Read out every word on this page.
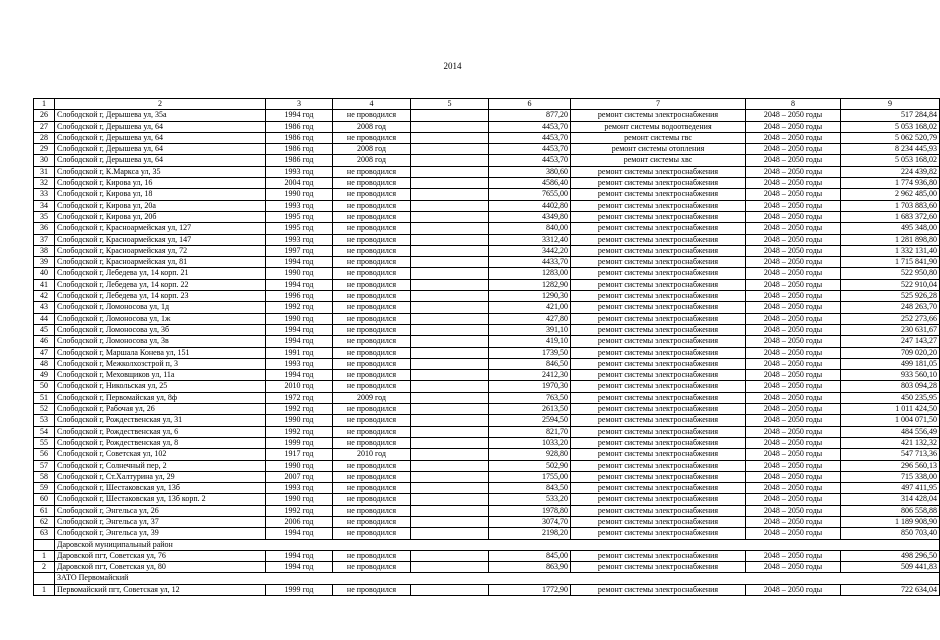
2014
1	2	3	4	5	6	7	8	9
26	Слободской г, Дерышева ул, 35а	1994 год	не проводился		877,20	ремонт системы электроснабжения	2048 – 2050 годы	517 284,84
27	Слободской г, Дерышева ул, 64	1986 год	2008 год		4453,70	ремонт системы водоотведения	2048 – 2050 годы	5 053 168,02
28	Слободской г, Дерышева ул, 64	1986 год	не проводился		4453,70	ремонт системы гвс	2048 – 2050 годы	5 062 520,79
29	Слободской г, Дерышева ул, 64	1986 год	2008 год		4453,70	ремонт системы отопления	2048 – 2050 годы	8 234 445,93
30	Слободской г, Дерышева ул, 64	1986 год	2008 год		4453,70	ремонт системы хвс	2048 – 2050 годы	5 053 168,02
31	Слободской г, К.Маркса ул, 35	1993 год	не проводился		380,60	ремонт системы электроснабжения	2048 – 2050 годы	224 439,82
32	Слободской г, Кирова ул, 16	2004 год	не проводился		4586,40	ремонт системы электроснабжения	2048 – 2050 годы	1 774 936,80
33	Слободской г, Кирова ул, 18	1990 год	не проводился		7655,00	ремонт системы электроснабжения	2048 – 2050 годы	2 962 485,00
34	Слободской г, Кирова ул, 20а	1993 год	не проводился		4402,80	ремонт системы электроснабжения	2048 – 2050 годы	1 703 883,60
35	Слободской г, Кирова ул, 20б	1995 год	не проводился		4349,80	ремонт системы электроснабжения	2048 – 2050 годы	1 683 372,60
36	Слободской г, Красноармейская ул, 127	1995 год	не проводился		840,00	ремонт системы электроснабжения	2048 – 2050 годы	495 348,00
37	Слободской г, Красноармейская ул, 147	1993 год	не проводился		3312,40	ремонт системы электроснабжения	2048 – 2050 годы	1 281 898,80
38	Слободской г, Красноармейская ул, 72	1997 год	не проводился		3442,20	ремонт системы электроснабжения	2048 – 2050 годы	1 332 131,40
39	Слободской г, Красноармейская ул, 81	1994 год	не проводился		4433,70	ремонт системы электроснабжения	2048 – 2050 годы	1 715 841,90
40	Слободской г, Лебедева ул, 14 корп. 21	1990 год	не проводился		1283,00	ремонт системы электроснабжения	2048 – 2050 годы	522 950,80
41	Слободской г, Лебедева ул, 14 корп. 22	1994 год	не проводился		1282,90	ремонт системы электроснабжения	2048 – 2050 годы	522 910,04
42	Слободской г, Лебедева ул, 14 корп. 23	1996 год	не проводился		1290,30	ремонт системы электроснабжения	2048 – 2050 годы	525 926,28
43	Слободской г, Ломоносова ул, 1д	1992 год	не проводился		421,00	ремонт системы электроснабжения	2048 – 2050 годы	248 263,70
44	Слободской г, Ломоносова ул, 1ж	1990 год	не проводился		427,80	ремонт системы электроснабжения	2048 – 2050 годы	252 273,66
45	Слободской г, Ломоносова ул, 3б	1994 год	не проводился		391,10	ремонт системы электроснабжения	2048 – 2050 годы	230 631,67
46	Слободской г, Ломоносова ул, 3в	1994 год	не проводился		419,10	ремонт системы электроснабжения	2048 – 2050 годы	247 143,27
47	Слободской г, Маршала Конева ул, 151	1991 год	не проводился		1739,50	ремонт системы электроснабжения	2048 – 2050 годы	709 020,20
48	Слободской г, Межколхозстрой п, 3	1993 год	не проводился		846,50	ремонт системы электроснабжения	2048 – 2050 годы	499 181,05
49	Слободской г, Меховщиков ул, 11а	1994 год	не проводился		2412,30	ремонт системы электроснабжения	2048 – 2050 годы	933 560,10
50	Слободской г, Никольская ул, 25	2010 год	не проводился		1970,30	ремонт системы электроснабжения	2048 – 2050 годы	803 094,28
51	Слободской г, Первомайская ул, 8ф	1972 год	2009 год		763,50	ремонт системы электроснабжения	2048 – 2050 годы	450 235,95
52	Слободской г, Рабочая ул, 26	1992 год	не проводился		2613,50	ремонт системы электроснабжения	2048 – 2050 годы	1 011 424,50
53	Слободской г, Рождественская ул, 31	1990 год	не проводился		2594,50	ремонт системы электроснабжения	2048 – 2050 годы	1 004 071,50
54	Слободской г, Рождественская ул, 6	1992 год	не проводился		821,70	ремонт системы электроснабжения	2048 – 2050 годы	484 556,49
55	Слободской г, Рождественская ул, 8	1999 год	не проводился		1033,20	ремонт системы электроснабжения	2048 – 2050 годы	421 132,32
56	Слободской г, Советская ул, 102	1917 год	2010 год		928,80	ремонт системы электроснабжения	2048 – 2050 годы	547 713,36
57	Слободской г, Солнечный пер, 2	1990 год	не проводился		502,90	ремонт системы электроснабжения	2048 – 2050 годы	296 560,13
58	Слободской г, Ст.Халтурина ул, 29	2007 год	не проводился		1755,00	ремонт системы электроснабжения	2048 – 2050 годы	715 338,00
59	Слободской г, Шестаковская ул, 13б	1993 год	не проводился		843,50	ремонт системы электроснабжения	2048 – 2050 годы	497 411,95
60	Слободской г, Шестаковская ул, 13б корп. 2	1990 год	не проводился		533,20	ремонт системы электроснабжения	2048 – 2050 годы	314 428,04
61	Слободской г, Энгельса ул, 26	1992 год	не проводился		1978,80	ремонт системы электроснабжения	2048 – 2050 годы	806 558,88
62	Слободской г, Энгельса ул, 37	2006 год	не проводился		3074,70	ремонт системы электроснабжения	2048 – 2050 годы	1 189 908,90
63	Слободской г, Энгельса ул, 39	1994 год	не проводился		2198,20	ремонт системы электроснабжения	2048 – 2050 годы	850 703,40
	Даровской муниципальный район							
1	Даровской пгт, Советская ул, 76	1994 год	не проводился		845,00	ремонт системы электроснабжения	2048 – 2050 годы	498 296,50
2	Даровской пгт, Советская ул, 80	1994 год	не проводился		863,90	ремонт системы электроснабжения	2048 – 2050 годы	509 441,83
	ЗАТО Первомайский							
1	Первомайский пгт, Советская ул, 12	1999 год	не проводился		1772,90	ремонт системы электроснабжения	2048 – 2050 годы	722 634,04
